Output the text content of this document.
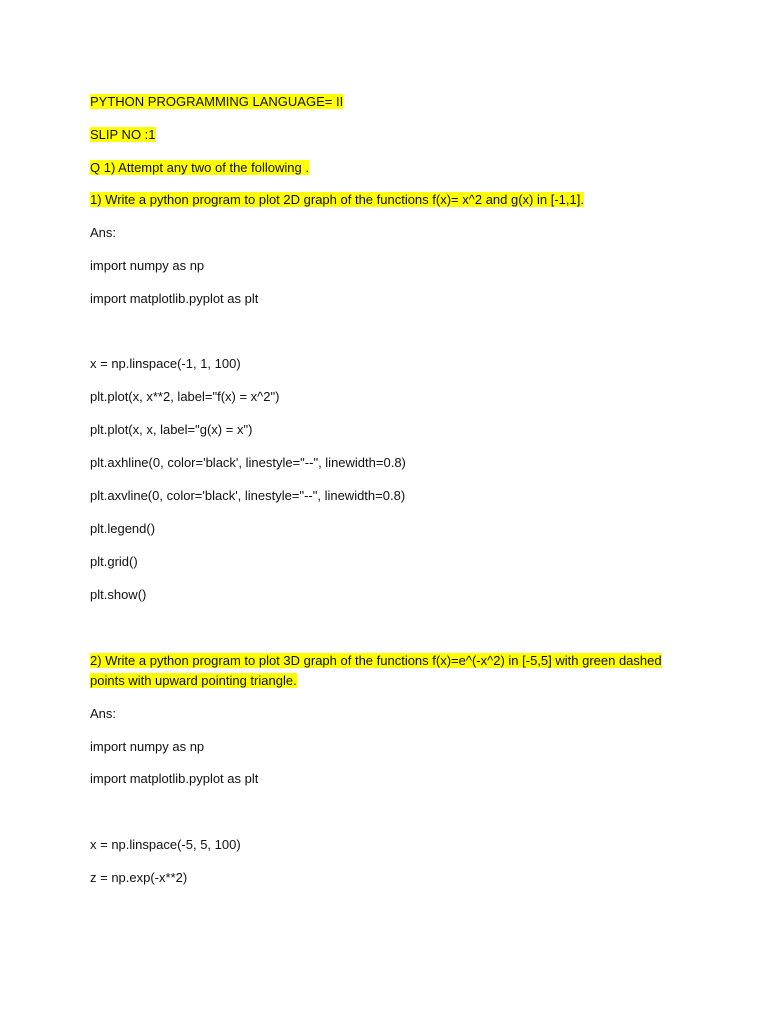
PYTHON PROGRAMMING LANGUAGE= II
SLIP NO :1
Q 1) Attempt any two of the following .
1) Write a python program to plot 2D graph of the functions f(x)= x^2 and g(x) in [-1,1].
Ans:
import numpy as np
import matplotlib.pyplot as plt
x = np.linspace(-1, 1, 100)
plt.plot(x, x**2, label="f(x) = x^2")
plt.plot(x, x, label="g(x) = x")
plt.axhline(0, color='black', linestyle="--", linewidth=0.8)
plt.axvline(0, color='black', linestyle="--", linewidth=0.8)
plt.legend()
plt.grid()
plt.show()
2) Write a python program to plot 3D graph of the functions f(x)=e^(-x^2) in [-5,5] with green dashed
points with upward pointing triangle.
Ans:
import numpy as np
import matplotlib.pyplot as plt
x = np.linspace(-5, 5, 100)
z = np.exp(-x**2)
